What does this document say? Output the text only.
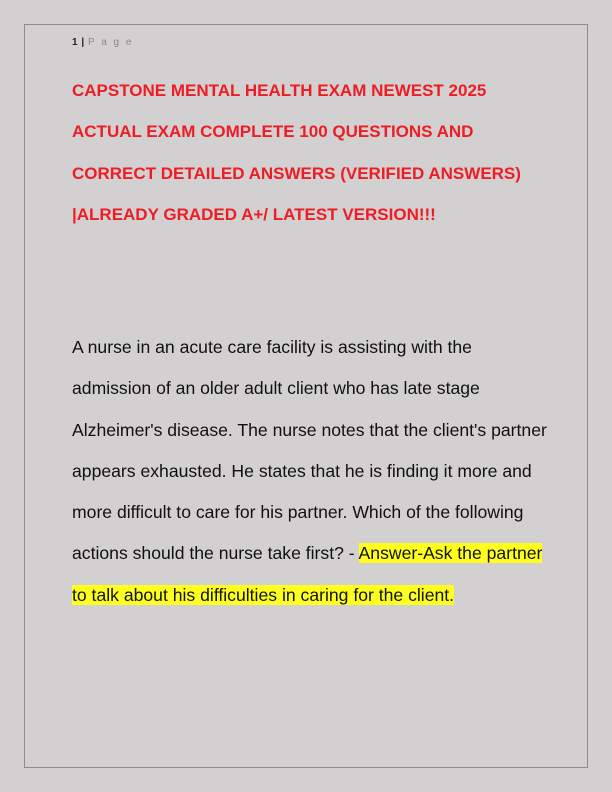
1 | P a g e

CAPSTONE MENTAL HEALTH EXAM NEWEST 2025 ACTUAL EXAM COMPLETE 100 QUESTIONS AND CORRECT DETAILED ANSWERS (VERIFIED ANSWERS) |ALREADY GRADED A+/ LATEST VERSION!!!

A nurse in an acute care facility is assisting with the admission of an older adult client who has late stage Alzheimer's disease. The nurse notes that the client's partner appears exhausted. He states that he is finding it more and more difficult to care for his partner. Which of the following actions should the nurse take first? - Answer-Ask the partner to talk about his difficulties in caring for the client.
